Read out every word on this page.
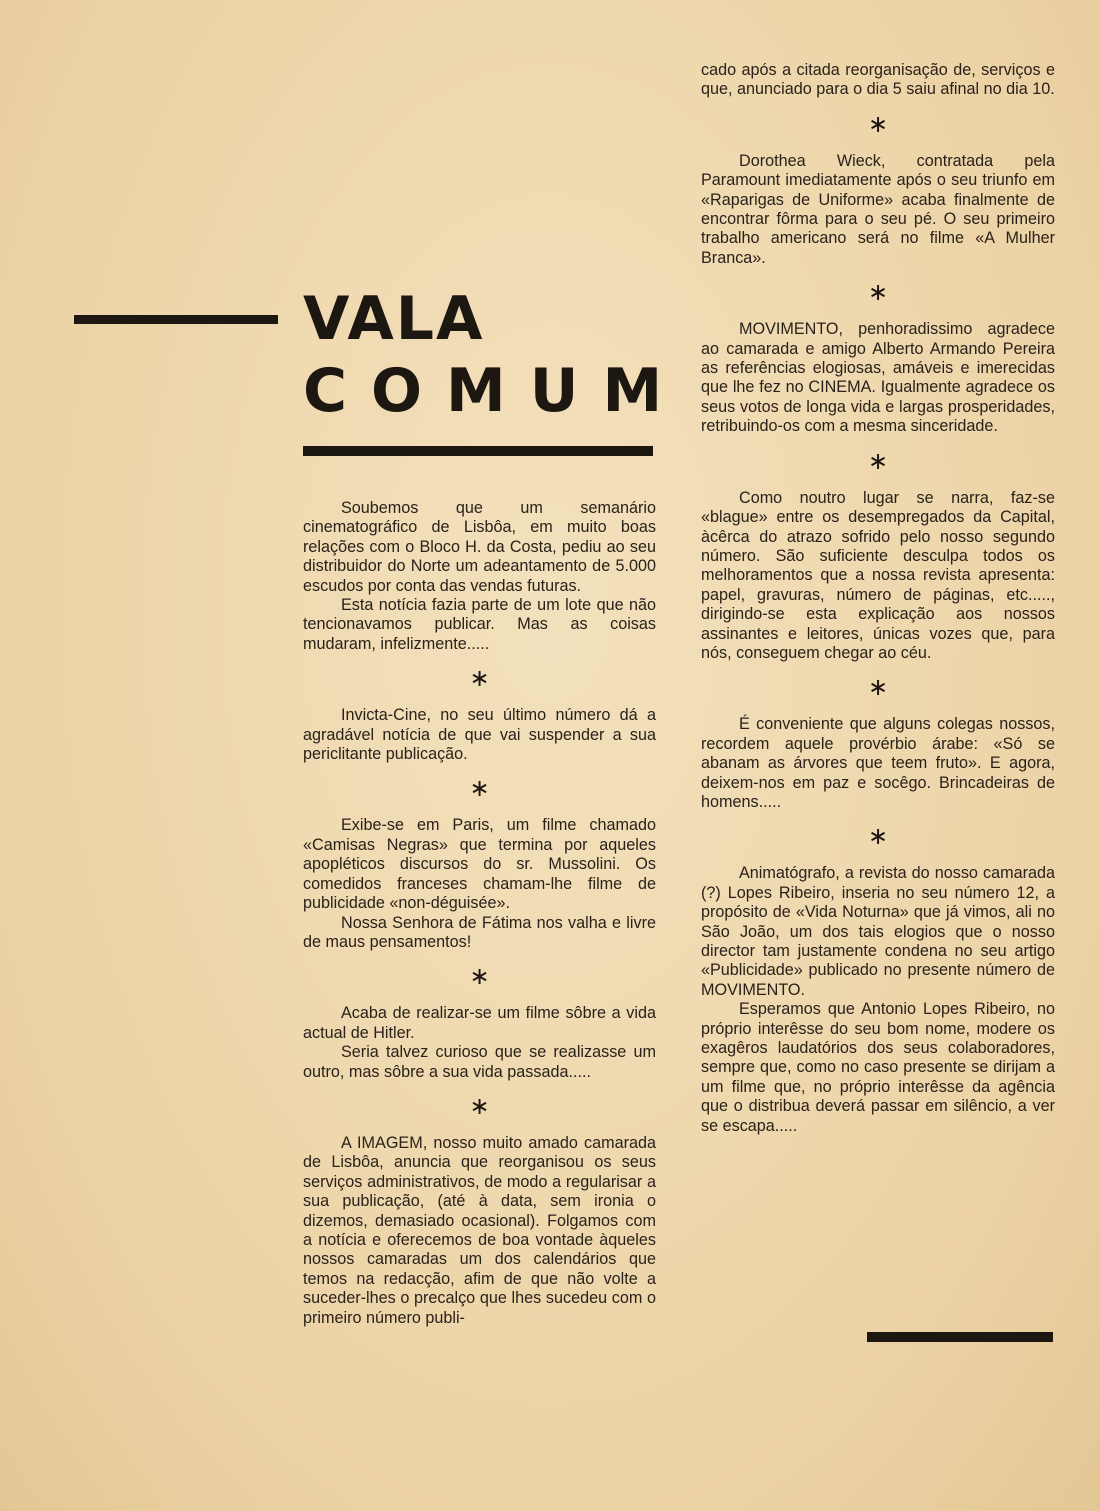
VALA
COMUM

Soubemos que um semanário cinematográfico de Lisbôa, em muito boas relações com o Bloco H. da Costa, pediu ao seu distribuidor do Norte um adeantamento de 5.000 escudos por conta das vendas futuras.

Esta notícia fazia parte de um lote que não tencionavamos publicar. Mas as coisas mudaram, infelizmente.....

∗

Invicta-Cine, no seu último número dá a agradável notícia de que vai suspender a sua periclitante publicação.

∗

Exibe-se em Paris, um filme chamado «Camisas Negras» que termina por aqueles apopléticos discursos do sr. Mussolini. Os comedidos franceses chamam-lhe filme de publicidade «non-déguisée».

Nossa Senhora de Fátima nos valha e livre de maus pensamentos!

∗

Acaba de realizar-se um filme sôbre a vida actual de Hitler.

Seria talvez curioso que se realizasse um outro, mas sôbre a sua vida passada.....

∗

A IMAGEM, nosso muito amado camarada de Lisbôa, anuncia que reorganisou os seus serviços administrativos, de modo a regularisar a sua publicação, (até à data, sem ironia o dizemos, demasiado ocasional). Folgamos com a notícia e oferecemos de boa vontade àqueles nossos camaradas um dos calendários que temos na redacção, afim de que não volte a suceder-lhes o precalço que lhes sucedeu com o primeiro número publi-

cado após a citada reorganisação de, serviços e que, anunciado para o dia 5 saiu afinal no dia 10.

∗

Dorothea Wieck, contratada pela Paramount imediatamente após o seu triunfo em «Raparigas de Uniforme» acaba finalmente de encontrar fôrma para o seu pé. O seu primeiro trabalho americano será no filme «A Mulher Branca».

∗

MOVIMENTO, penhoradissimo agradece ao camarada e amigo Alberto Armando Pereira as referências elogiosas, amáveis e imerecidas que lhe fez no CINEMA. Igualmente agradece os seus votos de longa vida e largas prosperidades, retribuindo-os com a mesma sinceridade.

∗

Como noutro lugar se narra, faz-se «blague» entre os desempregados da Capital, àcêrca do atrazo sofrido pelo nosso segundo número. São suficiente desculpa todos os melhoramentos que a nossa revista apresenta: papel, gravuras, número de páginas, etc....., dirigindo-se esta explicação aos nossos assinantes e leitores, únicas vozes que, para nós, conseguem chegar ao céu.

∗

É conveniente que alguns colegas nossos, recordem aquele provérbio árabe: «Só se abanam as árvores que teem fruto». E agora, deixem-nos em paz e socêgo. Brincadeiras de homens.....

∗

Animatógrafo, a revista do nosso camarada (?) Lopes Ribeiro, inseria no seu número 12, a propósito de «Vida Noturna» que já vimos, ali no São João, um dos tais elogios que o nosso director tam justamente condena no seu artigo «Publicidade» publicado no presente número de MOVIMENTO.

Esperamos que Antonio Lopes Ribeiro, no próprio interêsse do seu bom nome, modere os exagêros laudatórios dos seus colaboradores, sempre que, como no caso presente se dirijam a um filme que, no próprio interêsse da agência que o distribua deverá passar em silêncio, a ver se escapa.....
